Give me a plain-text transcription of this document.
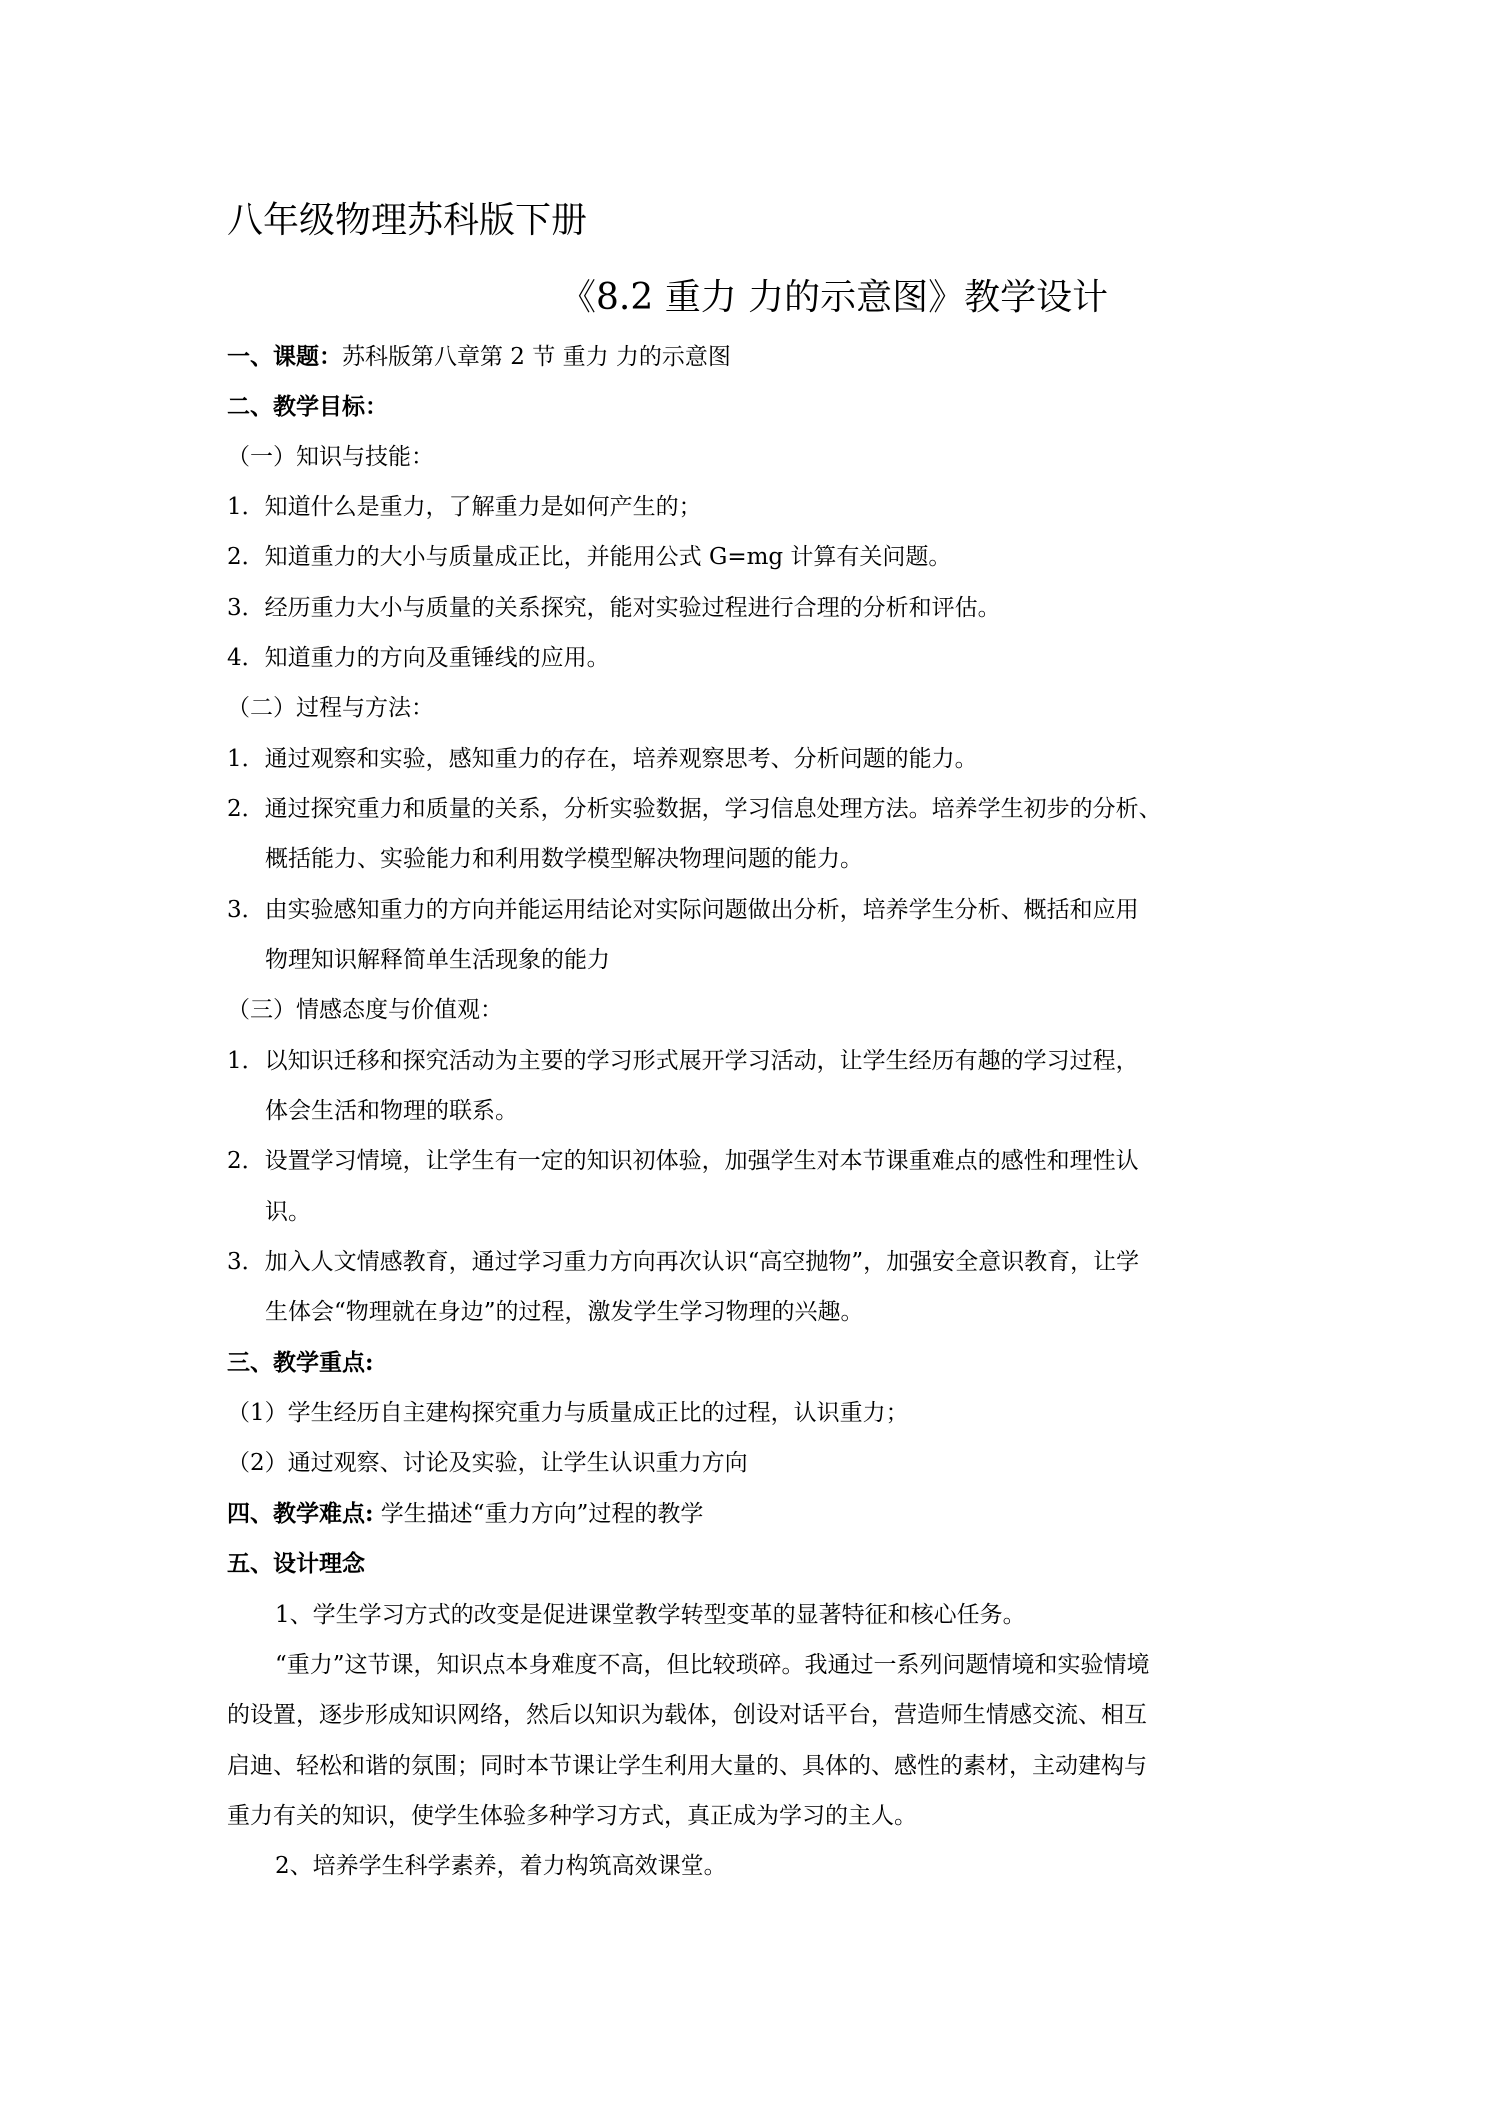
八年级物理苏科版下册
《8.2 重力 力的示意图》教学设计
一、课题：苏科版第八章第 2 节 重力 力的示意图
二、教学目标：
（一）知识与技能：
1．知道什么是重力，了解重力是如何产生的；
2．知道重力的大小与质量成正比，并能用公式 G=mg 计算有关问题。
3．经历重力大小与质量的关系探究，能对实验过程进行合理的分析和评估。
4．知道重力的方向及重锤线的应用。
（二）过程与方法：
1．通过观察和实验，感知重力的存在，培养观察思考、分析问题的能力。
2．通过探究重力和质量的关系，分析实验数据，学习信息处理方法。培养学生初步的分析、
概括能力、实验能力和利用数学模型解决物理问题的能力。
3．由实验感知重力的方向并能运用结论对实际问题做出分析，培养学生分析、概括和应用
物理知识解释简单生活现象的能力
（三）情感态度与价值观：
1．以知识迁移和探究活动为主要的学习形式展开学习活动，让学生经历有趣的学习过程，
体会生活和物理的联系。
2．设置学习情境，让学生有一定的知识初体验，加强学生对本节课重难点的感性和理性认
识。
3．加入人文情感教育，通过学习重力方向再次认识“高空抛物”，加强安全意识教育，让学
生体会“物理就在身边”的过程，激发学生学习物理的兴趣。
三、教学重点:
（1）学生经历自主建构探究重力与质量成正比的过程，认识重力；
（2）通过观察、讨论及实验，让学生认识重力方向
四、教学难点: 学生描述“重力方向”过程的教学
五、设计理念
1、学生学习方式的改变是促进课堂教学转型变革的显著特征和核心任务。
“重力”这节课，知识点本身难度不高，但比较琐碎。我通过一系列问题情境和实验情境
的设置，逐步形成知识网络，然后以知识为载体，创设对话平台，营造师生情感交流、相互
启迪、轻松和谐的氛围；同时本节课让学生利用大量的、具体的、感性的素材，主动建构与
重力有关的知识，使学生体验多种学习方式，真正成为学习的主人。
2、培养学生科学素养，着力构筑高效课堂。
